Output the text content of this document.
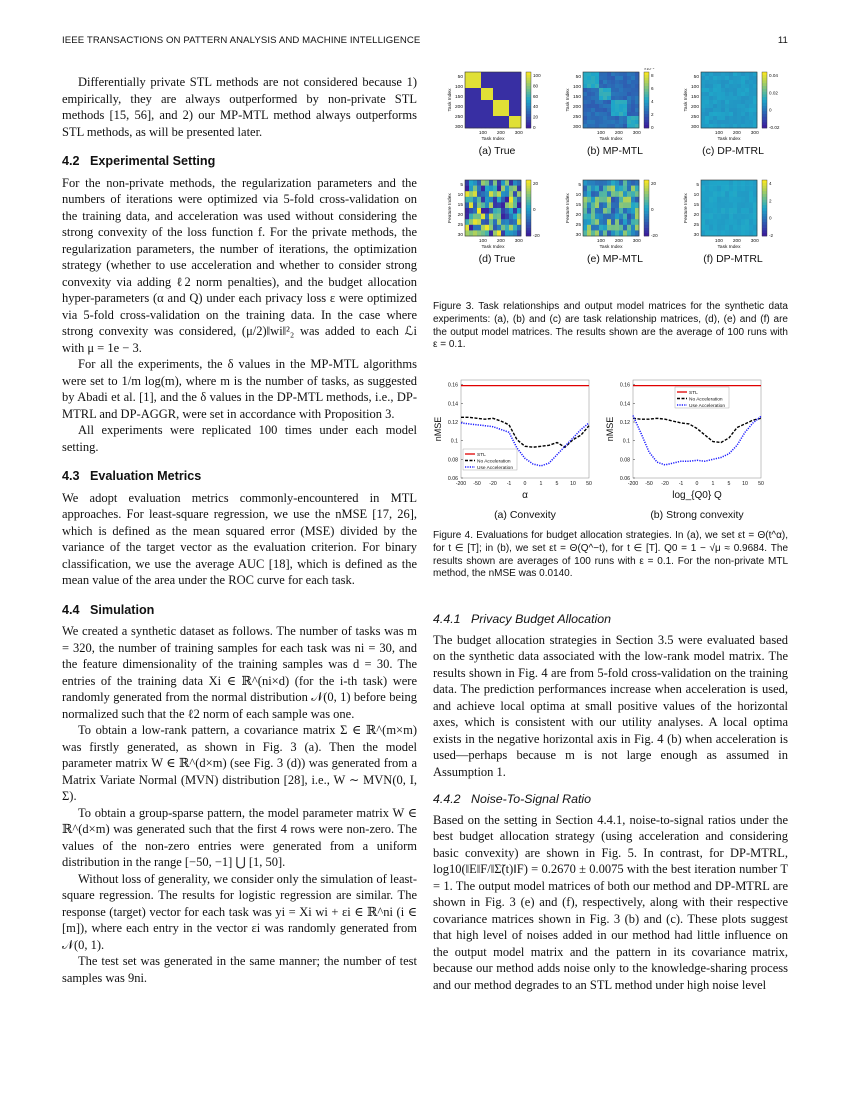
IEEE TRANSACTIONS ON PATTERN ANALYSIS AND MACHINE INTELLIGENCE	11

Differentially private STL methods are not considered because 1) empirically, they are always outperformed by non-private STL methods [15, 56], and 2) our MP-MTL method always outperforms STL methods, as will be presented later.

4.2 Experimental Setting

For the non-private methods, the regularization parameters and the numbers of iterations were optimized via 5-fold cross-validation on the training data, and acceleration was used without considering the strong convexity of the loss function f. For the private methods, the regularization parameters, the number of iterations, the optimization strategy (whether to use acceleration and whether to consider strong convexity via adding ℓ2 norm penalties), and the budget allocation hyper-parameters (α and Q) under each privacy loss ε were optimized via 5-fold cross-validation on the training data. In the case where strong convexity was considered, (μ/2)‖wi‖²₂ was added to each ℒi with μ = 1e − 3.

For all the experiments, the δ values in the MP-MTL algorithms were set to 1/m log(m), where m is the number of tasks, as suggested by Abadi et al. [1], and the δ values in the DP-MTL methods, i.e., DP-MTRL and DP-AGGR, were set in accordance with Proposition 3.

All experiments were replicated 100 times under each model setting.

4.3 Evaluation Metrics

We adopt evaluation metrics commonly-encountered in MTL approaches. For least-square regression, we use the nMSE [17, 26], which is defined as the mean squared error (MSE) divided by the variance of the target vector as the evaluation criterion. For binary classification, we use the average AUC [18], which is defined as the mean value of the area under the ROC curve for each task.

4.4 Simulation

We created a synthetic dataset as follows. The number of tasks was m = 320, the number of training samples for each task was ni = 30, and the feature dimensionality of the training samples was d = 30. The entries of the training data Xi ∈ ℝ^(ni×d) (for the i-th task) were randomly generated from the normal distribution 𝒩(0, 1) before being normalized such that the ℓ2 norm of each sample was one.

To obtain a low-rank pattern, a covariance matrix Σ ∈ ℝ^(m×m) was firstly generated, as shown in Fig. 3 (a). Then the model parameter matrix W ∈ ℝ^(d×m) (see Fig. 3 (d)) was generated from a Matrix Variate Normal (MVN) distribution [28], i.e., W ∼ MVN(0, I, Σ).

To obtain a group-sparse pattern, the model parameter matrix W ∈ ℝ^(d×m) was generated such that the first 4 rows were non-zero. The values of the non-zero entries were generated from a uniform distribution in the range [−50, −1] ⋃ [1, 50].

Without loss of generality, we consider only the simulation of least-square regression. The results for logistic regression are similar. The response (target) vector for each task was yi = Xi wi + εi ∈ ℝ^ni (i ∈ [m]), where each entry in the vector εi was randomly generated from 𝒩(0, 1).

The test set was generated in the same manner; the number of test samples was 9ni.

100
80
60
40
20
0
50
100
150
200
250
300
100 200 300
Task Index
Task Index
(a) True
8
6
4
2
0
×10⁻³
50
100
150
200
250
300
100 200 300
Task Index
Task Index
(b) MP-MTL
0.04
0.02
0
-0.02
50
100
150
200
250
300
100 200 300
Task Index
Task Index
(c) DP-MTRL
20
0
-20
5
10
15
20
25
30
100 200 300
Task Index
Feature Index
(d) True
20
0
-20
5
10
15
20
25
30
100 200 300
Task Index
Feature Index
(e) MP-MTL
4
2
0
-2
5
10
15
20
25
30
100 200 300
Task Index
Feature Index
(f) DP-MTRL
Figure 3. Task relationships and output model matrices for the synthetic data experiments: (a), (b) and (c) are task relationship matrices, (d), (e) and (f) are the output model matrices. The results shown are the average of 100 runs with ε = 0.1.
0.06
0.08
0.1
0.12
0.14
0.16
-200 -50 -20 -1 0	1	5 10 50
STL
No Acceleration
Use Acceleration
nMSE
α
(a) Convexity
0.06
0.08
0.1
0.12
0.14
0.16
-200 -50 -20 -1 0	1	5 10 50
STL
No Acceleration
Use Acceleration
nMSE
log_{Q0} Q
(b) Strong convexity
Figure 4. Evaluations for budget allocation strategies. In (a), we set εt = Θ(t^α), for t ∈ [T]; in (b), we set εt = Θ(Q^−t), for t ∈ [T]. Q0 = 1 − √μ ≈ 0.9684. The results shown are averages of 100 runs with ε = 0.1. For the non-private MTL method, the nMSE was 0.0140.
4.4.1 Privacy Budget Allocation

The budget allocation strategies in Section 3.5 were evaluated based on the synthetic data associated with the low-rank model matrix. The results shown in Fig. 4 are from 5-fold cross-validation on the training data. The prediction performances increase when acceleration is used, and achieve local optima at small positive values of the horizontal axes, which is consistent with our utility analyses. A local optima exists in the negative horizontal axis in Fig. 4 (b) when acceleration is used—perhaps because m is not large enough as assumed in Assumption 1.

4.4.2 Noise-To-Signal Ratio

Based on the setting in Section 4.4.1, noise-to-signal ratios under the best budget allocation strategy (using acceleration and considering basic convexity) are shown in Fig. 5. In contrast, for DP-MTRL, log10(‖E‖F/‖Σ̃(t)‖F) = 0.2670 ± 0.0075 with the best iteration number T = 1. The output model matrices of both our method and DP-MTRL are shown in Fig. 3 (e) and (f), respectively, along with their respective covariance matrices shown in Fig. 3 (b) and (c). These plots suggest that high level of noises added in our method had little influence on the output model matrix and the pattern in its covariance matrix, because our method adds noise only to the knowledge-sharing process and our method degrades to an STL method under high noise level
